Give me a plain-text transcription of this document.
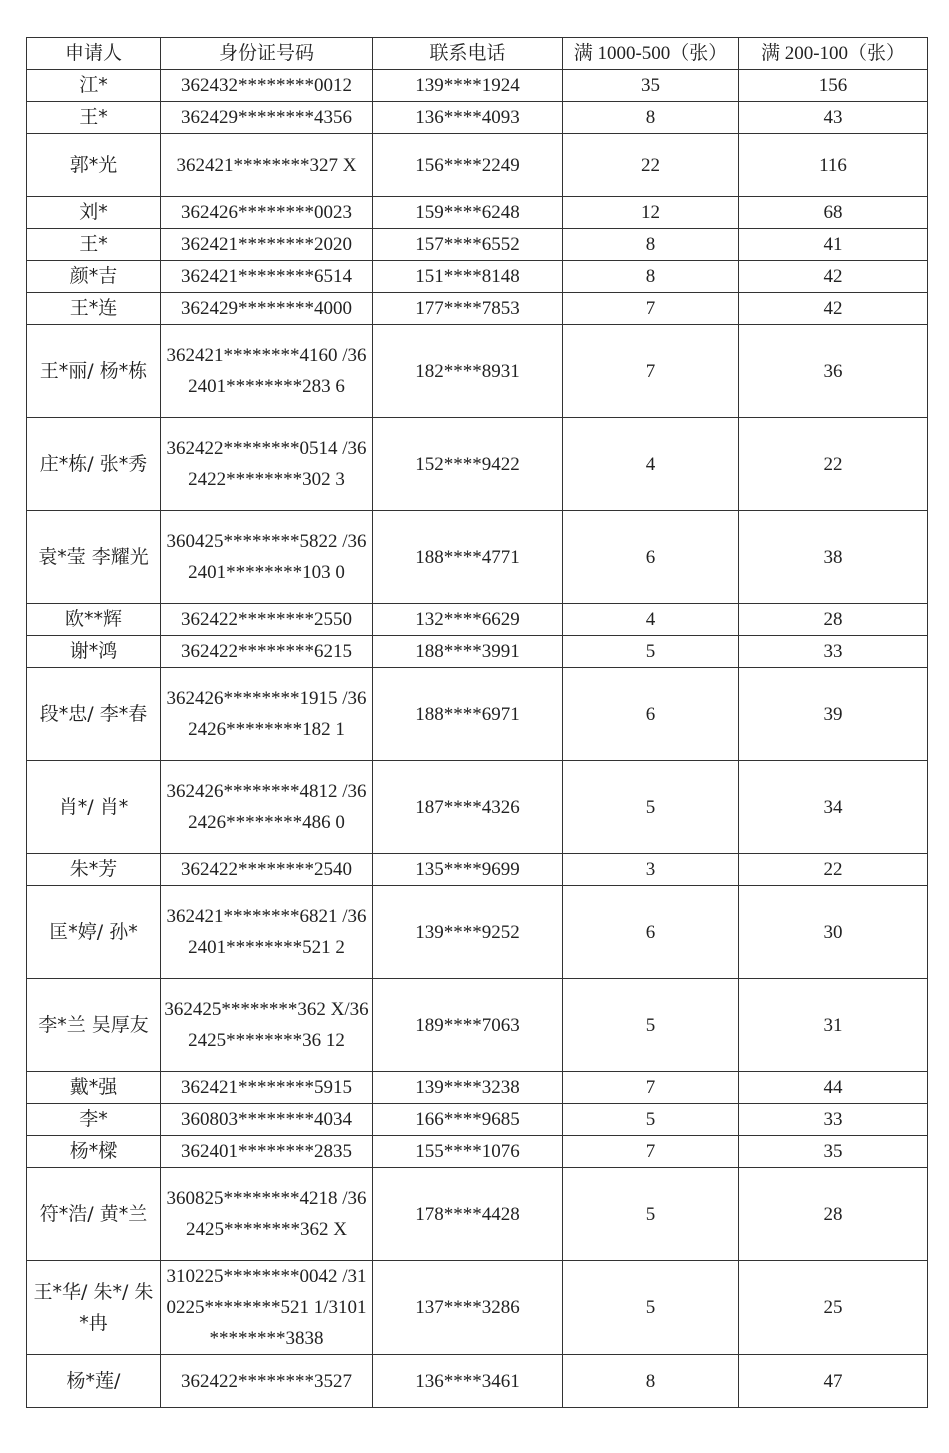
申请人	身份证号码	联系电话	满 1000-500（张）	满 200-100（张）
江*	362432********0012	139****1924	35	156
王*	362429********4356	136****4093	8	43
郭*光	362421********327 X	156****2249	22	116
刘*	362426********0023	159****6248	12	68
王*	362421********2020	157****6552	8	41
颜*吉	362421********6514	151****8148	8	42
王*连	362429********4000	177****7853	7	42
王*丽/ 杨*栋	362421********4160 /362401********283 6	182****8931	7	36
庄*栋/ 张*秀	362422********0514 /362422********302 3	152****9422	4	22
袁*莹 李耀光	360425********5822 /362401********103 0	188****4771	6	38
欧**辉	362422********2550	132****6629	4	28
谢*鸿	362422********6215	188****3991	5	33
段*忠/ 李*春	362426********1915 /362426********182 1	188****6971	6	39
肖*/ 肖*	362426********4812 /362426********486 0	187****4326	5	34
朱*芳	362422********2540	135****9699	3	22
匡*婷/ 孙*	362421********6821 /362401********521 2	139****9252	6	30
李*兰 吴厚友	362425********362 X/362425********36 12	189****7063	5	31
戴*强	362421********5915	139****3238	7	44
李*	360803********4034	166****9685	5	33
杨*樑	362401********2835	155****1076	7	35
符*浩/ 黄*兰	360825********4218 /362425********362 X	178****4428	5	28
王*华/ 朱*/ 朱*冉	310225********0042 /310225********521 1/3101********3838	137****3286	5	25
杨*莲/	362422********3527	136****3461	8	47
